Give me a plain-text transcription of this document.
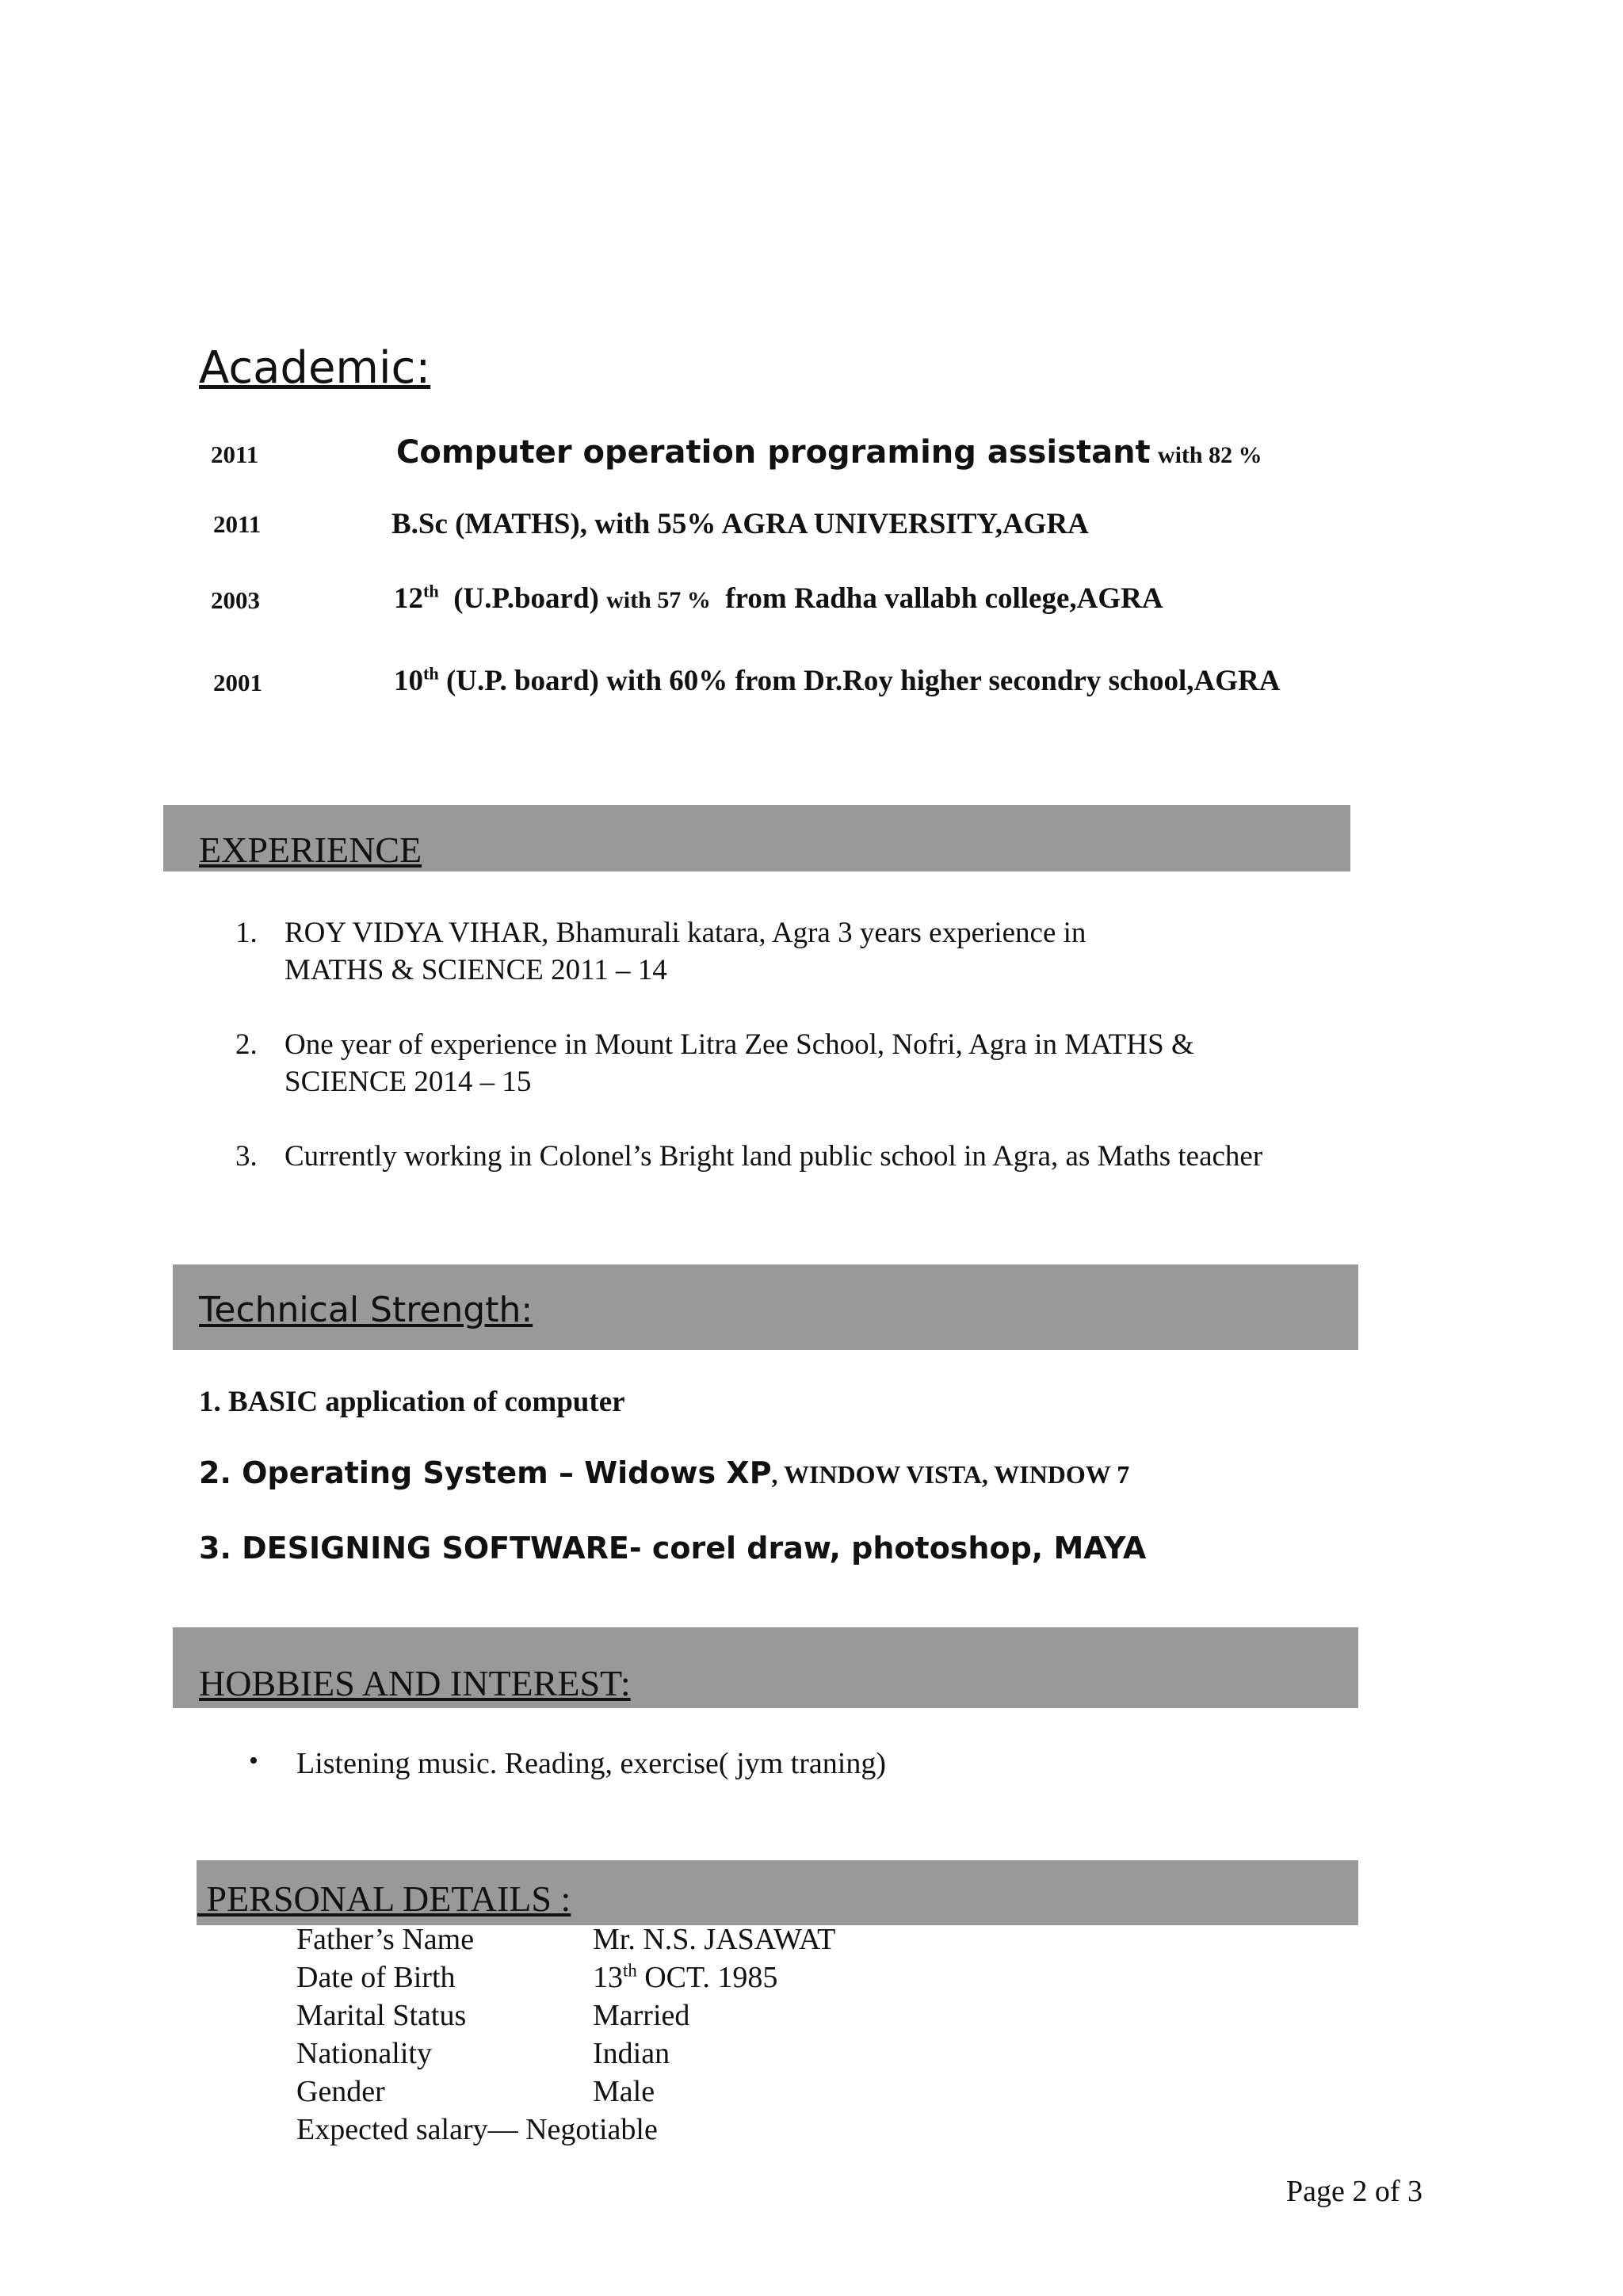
Academic:
2011	Computer operation programing assistant with 82 %
2011	B.Sc (MATHS), with 55% AGRA UNIVERSITY,AGRA
2003	12th (U.P.board) with 57 % from Radha vallabh college,AGRA
2001	10th (U.P. board) with 60% from Dr.Roy higher secondry school,AGRA
EXPERIENCE
1. ROY VIDYA VIHAR, Bhamurali katara, Agra 3 years experience in
MATHS & SCIENCE 2011 – 14
2. One year of experience in Mount Litra Zee School, Nofri, Agra in MATHS &
SCIENCE 2014 – 15
3. Currently working in Colonel’s Bright land public school in Agra, as Maths teacher
Technical Strength:
1. BASIC application of computer
2. Operating System – Widows XP, WINDOW VISTA, WINDOW 7
3. DESIGNING SOFTWARE- corel draw, photoshop, MAYA
HOBBIES AND INTEREST:
• Listening music. Reading, exercise( jym traning)
PERSONAL DETAILS :
Father’s Name	Mr. N.S. JASAWAT
Date of Birth	13th OCT. 1985
Marital Status	Married
Nationality	Indian
Gender	Male
Expected salary— Negotiable
Page 2 of 3
